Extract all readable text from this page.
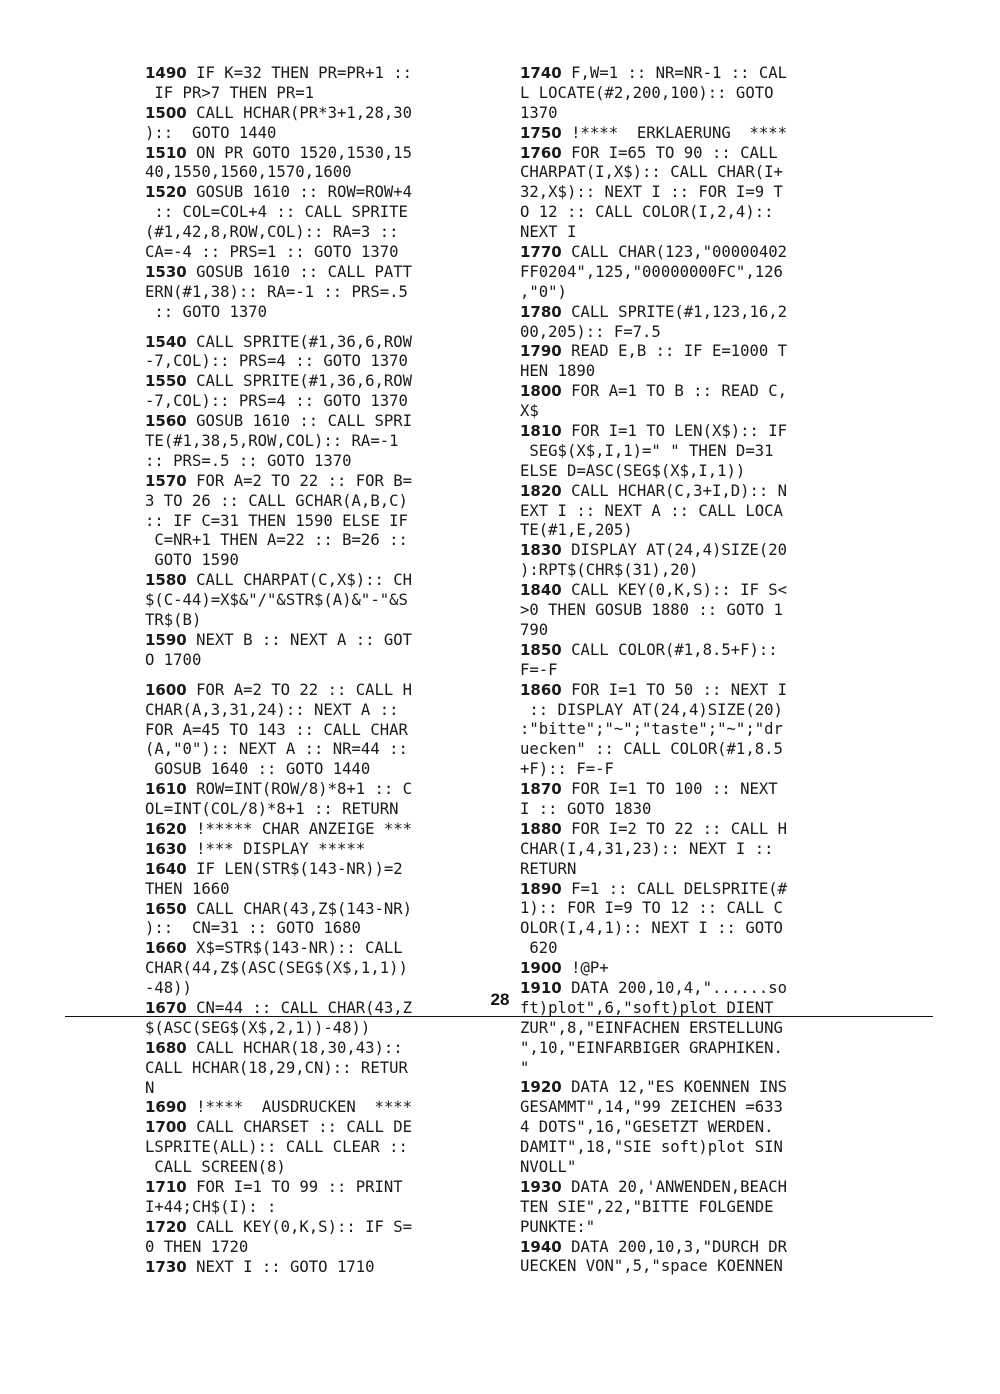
1490 IF K=32 THEN PR=PR+1 ::
IF PR>7 THEN PR=1
1500 CALL HCHAR(PR*3+1,28,30
)::  GOTO 1440
1510 ON PR GOTO 1520,1530,15
40,1550,1560,1570,1600
1520 GOSUB 1610 :: ROW=ROW+4
:: COL=COL+4 :: CALL SPRITE
(#1,42,8,ROW,COL):: RA=3 ::
CA=-4 :: PRS=1 :: GOTO 1370
1530 GOSUB 1610 :: CALL PATT
ERN(#1,38):: RA=-1 :: PRS=.5
:: GOTO 1370
1540 CALL SPRITE(#1,36,6,ROW
-7,COL):: PRS=4 :: GOTO 1370
1550 CALL SPRITE(#1,36,6,ROW
-7,COL):: PRS=4 :: GOTO 1370
1560 GOSUB 1610 :: CALL SPRI
TE(#1,38,5,ROW,COL):: RA=-1
:: PRS=.5 :: GOTO 1370
1570 FOR A=2 TO 22 :: FOR B=
3 TO 26 :: CALL GCHAR(A,B,C)
:: IF C=31 THEN 1590 ELSE IF
C=NR+1 THEN A=22 :: B=26 ::
GOTO 1590
1580 CALL CHARPAT(C,X$):: CH
$(C-44)=X$&"/"&STR$(A)&"-"&S
TR$(B)
1590 NEXT B :: NEXT A :: GOT
O 1700
1600 FOR A=2 TO 22 :: CALL H
CHAR(A,3,31,24):: NEXT A ::
FOR A=45 TO 143 :: CALL CHAR
(A,"0"):: NEXT A :: NR=44 ::
GOSUB 1640 :: GOTO 1440
1610 ROW=INT(ROW/8)*8+1 :: C
OL=INT(COL/8)*8+1 :: RETURN
1620 !***** CHAR ANZEIGE ***
1630 !*** DISPLAY *****
1640 IF LEN(STR$(143-NR))=2
THEN 1660
1650 CALL CHAR(43,Z$(143-NR)
)::  CN=31 :: GOTO 1680
1660 X$=STR$(143-NR):: CALL
CHAR(44,Z$(ASC(SEG$(X$,1,1))
-48))
1670 CN=44 :: CALL CHAR(43,Z
$(ASC(SEG$(X$,2,1))-48))
1680 CALL HCHAR(18,30,43)::
CALL HCHAR(18,29,CN):: RETUR
N
1690 !****  AUSDRUCKEN  ****
1700 CALL CHARSET :: CALL DE
LSPRITE(ALL):: CALL CLEAR ::
CALL SCREEN(8)
1710 FOR I=1 TO 99 :: PRINT
I+44;CH$(I): :
1720 CALL KEY(0,K,S):: IF S=
0 THEN 1720
1730 NEXT I :: GOTO 1710
1740 F,W=1 :: NR=NR-1 :: CAL
L LOCATE(#2,200,100):: GOTO
1370
1750 !****  ERKLAERUNG  ****
1760 FOR I=65 TO 90 :: CALL
CHARPAT(I,X$):: CALL CHAR(I+
32,X$):: NEXT I :: FOR I=9 T
O 12 :: CALL COLOR(I,2,4)::
NEXT I
1770 CALL CHAR(123,"00000402
FF0204",125,"00000000FC",126
,"0")
1780 CALL SPRITE(#1,123,16,2
00,205):: F=7.5
1790 READ E,B :: IF E=1000 T
HEN 1890
1800 FOR A=1 TO B :: READ C,
X$
1810 FOR I=1 TO LEN(X$):: IF
SEG$(X$,I,1)=" " THEN D=31
ELSE D=ASC(SEG$(X$,I,1))
1820 CALL HCHAR(C,3+I,D):: N
EXT I :: NEXT A :: CALL LOCA
TE(#1,E,205)
1830 DISPLAY AT(24,4)SIZE(20
):RPT$(CHR$(31),20)
1840 CALL KEY(0,K,S):: IF S<
>0 THEN GOSUB 1880 :: GOTO 1
790
1850 CALL COLOR(#1,8.5+F)::
F=-F
1860 FOR I=1 TO 50 :: NEXT I
:: DISPLAY AT(24,4)SIZE(20)
:"bitte";"~";"taste";"~";"dr
uecken" :: CALL COLOR(#1,8.5
+F):: F=-F
1870 FOR I=1 TO 100 :: NEXT
I :: GOTO 1830
1880 FOR I=2 TO 22 :: CALL H
CHAR(I,4,31,23):: NEXT I ::
RETURN
1890 F=1 :: CALL DELSPRITE(#
1):: FOR I=9 TO 12 :: CALL C
OLOR(I,4,1):: NEXT I :: GOTO
620
1900 !@P+
1910 DATA 200,10,4,"......so
ft)plot",6,"soft)plot DIENT
ZUR",8,"EINFACHEN ERSTELLUNG
",10,"EINFARBIGER GRAPHIKEN.
"
1920 DATA 12,"ES KOENNEN INS
GESAMMT",14,"99 ZEICHEN =633
4 DOTS",16,"GESETZT WERDEN.
DAMIT",18,"SIE soft)plot SIN
NVOLL"
1930 DATA 20,'ANWENDEN,BEACH
TEN SIE",22,"BITTE FOLGENDE
PUNKTE:"
1940 DATA 200,10,3,"DURCH DR
UECKEN VON",5,"space KOENNEN
28
